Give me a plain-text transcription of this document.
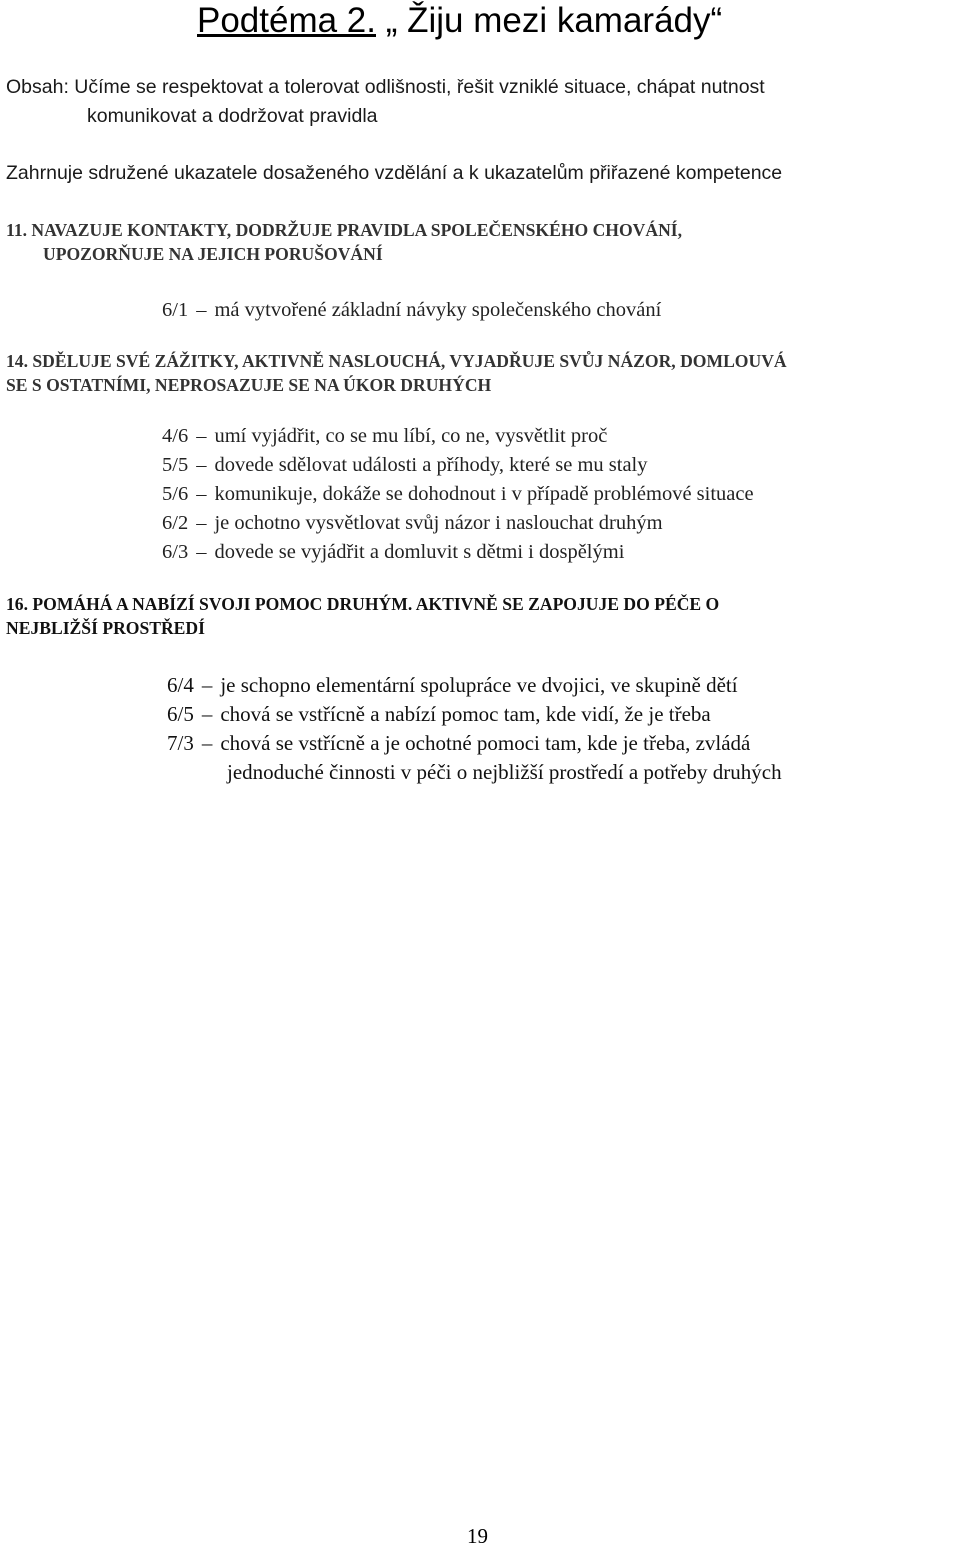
Podtéma 2. „ Žiju mezi kamarády“
Obsah: Učíme se respektovat a tolerovat odlišnosti, řešit vzniklé situace, chápat nutnost
komunikovat a dodržovat pravidla
Zahrnuje sdružené ukazatele dosaženého vzdělání a k ukazatelům přiřazené kompetence
11. NAVAZUJE KONTAKTY, DODRŽUJE PRAVIDLA SPOLEČENSKÉHO CHOVÁNÍ,
UPOZORŇUJE NA JEJICH PORUŠOVÁNÍ
6/1 – má vytvořené základní návyky společenského chování
14. SDĚLUJE SVÉ ZÁŽITKY, AKTIVNĚ NASLOUCHÁ, VYJADŘUJE SVŮJ NÁZOR, DOMLOUVÁ
SE S OSTATNÍMI, NEPROSAZUJE SE NA ÚKOR DRUHÝCH
4/6 – umí vyjádřit, co se mu líbí, co ne, vysvětlit proč
5/5 – dovede sdělovat události a příhody, které se mu staly
5/6 – komunikuje, dokáže se dohodnout i v případě problémové situace
6/2 – je ochotno vysvětlovat svůj názor i naslouchat druhým
6/3 – dovede se vyjádřit a domluvit s dětmi i dospělými
16. POMÁHÁ A NABÍZÍ SVOJI POMOC DRUHÝM. AKTIVNĚ SE ZAPOJUJE DO PÉČE O
NEJBLIŽŠÍ PROSTŘEDÍ
6/4 – je schopno elementární spolupráce ve dvojici, ve skupině dětí
6/5 – chová se vstřícně a nabízí pomoc tam, kde vidí, že je třeba
7/3 – chová se vstřícně a je ochotné pomoci tam, kde je třeba, zvládá
jednoduché činnosti v péči o nejbližší prostředí a potřeby druhých
19
